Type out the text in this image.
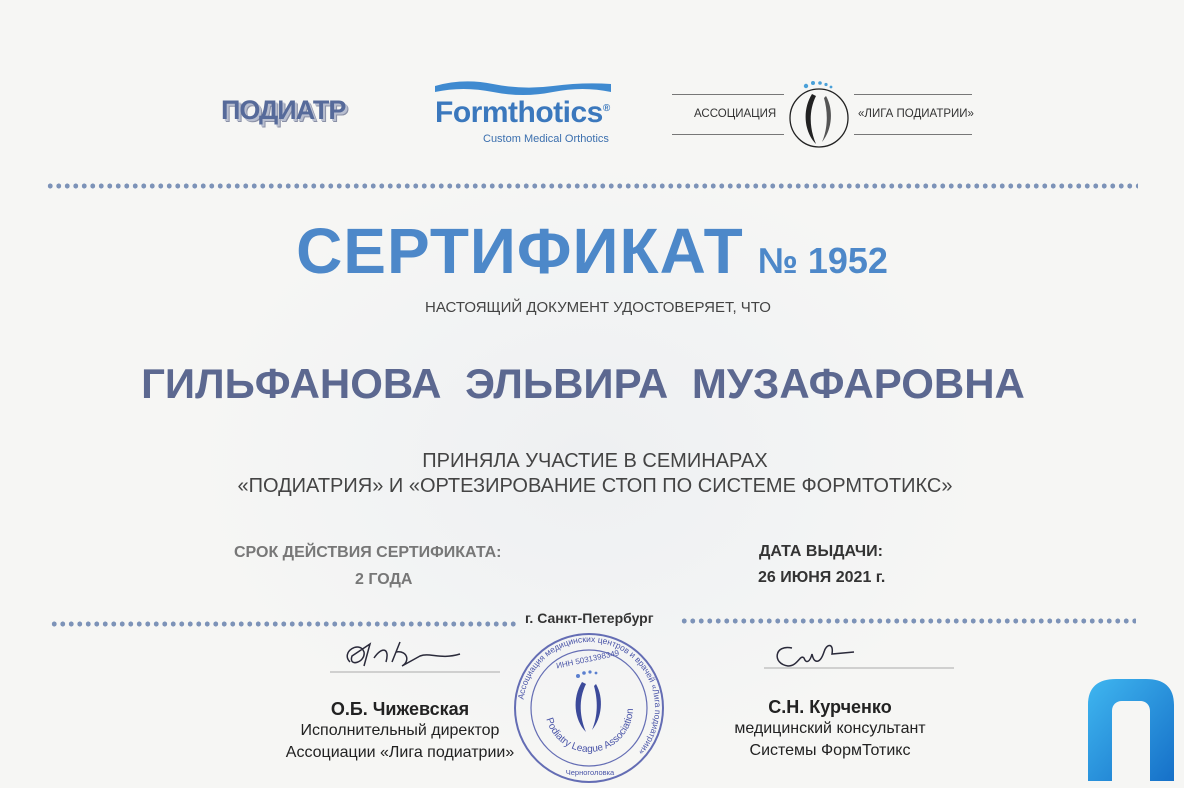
ПОДИАТР	Formthotics®
Custom Medical Orthotics
АССОЦИАЦИЯ	«ЛИГА ПОДИАТРИИ»
СЕРТИФИКАТ № 1952
НАСТОЯЩИЙ ДОКУМЕНТ УДОСТОВЕРЯЕТ, ЧТО
ГИЛЬФАНОВА ЭЛЬВИРА МУЗАФАРОВНА
ПРИНЯЛА УЧАСТИЕ В СЕМИНАРАХ
«ПОДИАТРИЯ» И «ОРТЕЗИРОВАНИЕ СТОП ПО СИСТЕМЕ ФОРМТОТИКС»
СРОК ДЕЙСТВИЯ СЕРТИФИКАТА:
2 ГОДА
ДАТА ВЫДАЧИ:
26 ИЮНЯ 2021 г.
г. Санкт-Петербург
О.Б. Чижевская
Исполнительный директор
Ассоциации «Лига подиатрии»
С.Н. Курченко
медицинский консультант
Системы ФормТотикс
Ассоциация медицинских центров и врачей «Лига подиатрии»
ИНН 5031398349
Podiatry League Association
Черноголовка
